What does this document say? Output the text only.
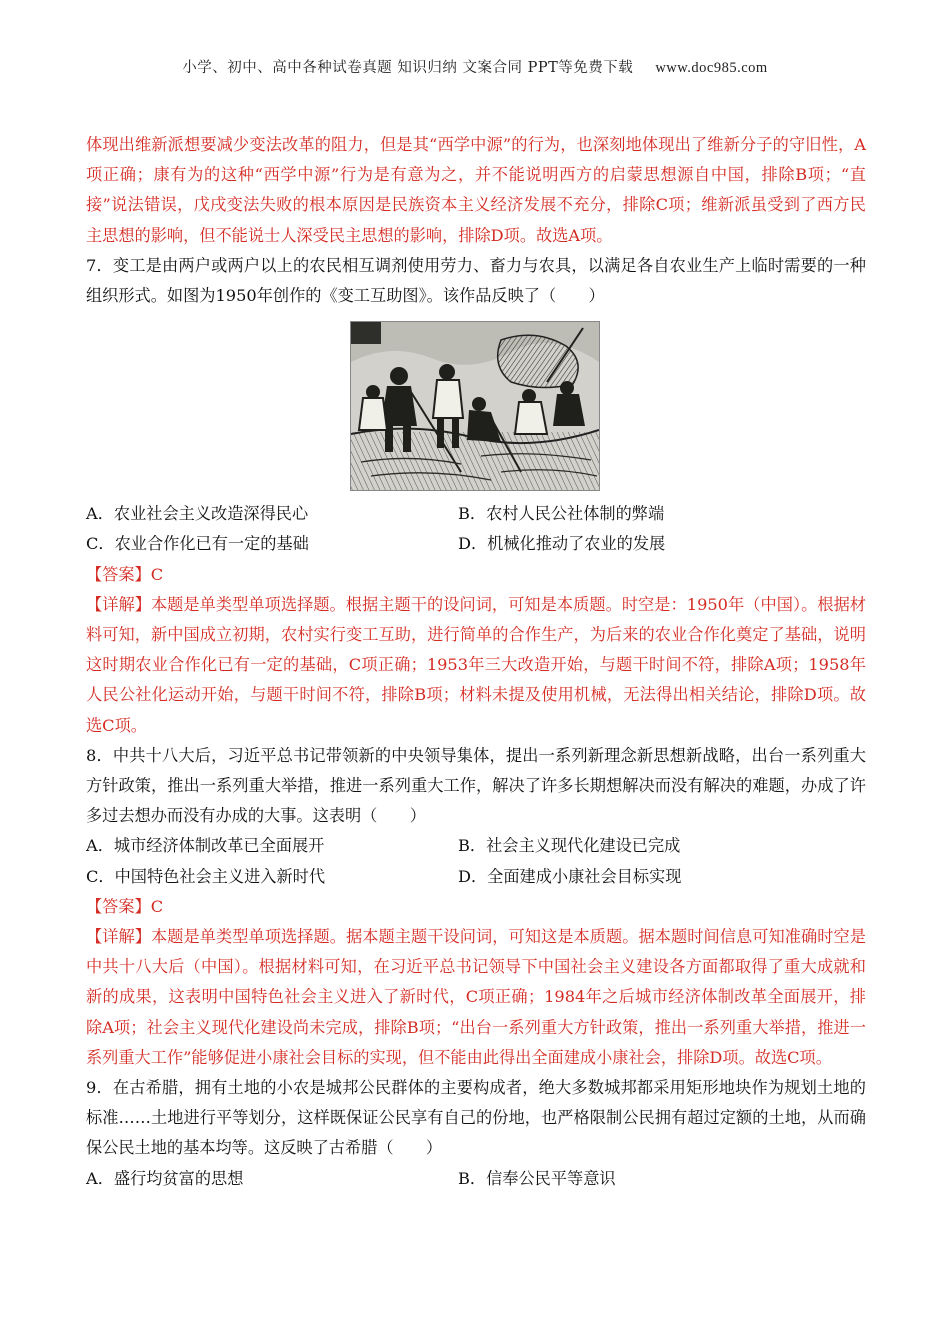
小学、初中、高中各种试卷真题 知识归纳 文案合同 PPT等免费下载 www.doc985.com

体现出维新派想要减少变法改革的阻力，但是其“西学中源”的行为，也深刻地体现出了维新分子的守旧性，A项正确；康有为的这种“西学中源”行为是有意为之，并不能说明西方的启蒙思想源自中国，排除B项；“直接”说法错误，戊戌变法失败的根本原因是民族资本主义经济发展不充分，排除C项；维新派虽受到了西方民主思想的影响，但不能说士人深受民主思想的影响，排除D项。故选A项。

7．变工是由两户或两户以上的农民相互调剂使用劳力、畜力与农具，以满足各自农业生产上临时需要的一种组织形式。如图为1950年创作的《变工互助图》。该作品反映了（　　）

A．农业社会主义改造深得民心	B．农村人民公社体制的弊端
C．农业合作化已有一定的基础	D．机械化推动了农业的发展

【答案】C

【详解】本题是单类型单项选择题。根据主题干的设问词，可知是本质题。时空是：1950年（中国）。根据材料可知，新中国成立初期，农村实行变工互助，进行简单的合作生产，为后来的农业合作化奠定了基础，说明这时期农业合作化已有一定的基础，C项正确；1953年三大改造开始，与题干时间不符，排除A项；1958年人民公社化运动开始，与题干时间不符，排除B项；材料未提及使用机械，无法得出相关结论，排除D项。故选C项。

8．中共十八大后，习近平总书记带领新的中央领导集体，提出一系列新理念新思想新战略，出台一系列重大方针政策，推出一系列重大举措，推进一系列重大工作，解决了许多长期想解决而没有解决的难题，办成了许多过去想办而没有办成的大事。这表明（　　）

A．城市经济体制改革已全面展开	B．社会主义现代化建设已完成
C．中国特色社会主义进入新时代	D．全面建成小康社会目标实现

【答案】C

【详解】本题是单类型单项选择题。据本题主题干设问词，可知这是本质题。据本题时间信息可知准确时空是中共十八大后（中国）。根据材料可知，在习近平总书记领导下中国社会主义建设各方面都取得了重大成就和新的成果，这表明中国特色社会主义进入了新时代，C项正确；1984年之后城市经济体制改革全面展开，排除A项；社会主义现代化建设尚未完成，排除B项；“出台一系列重大方针政策，推出一系列重大举措，推进一系列重大工作”能够促进小康社会目标的实现，但不能由此得出全面建成小康社会，排除D项。故选C项。

9．在古希腊，拥有土地的小农是城邦公民群体的主要构成者，绝大多数城邦都采用矩形地块作为规划土地的标准……土地进行平等划分，这样既保证公民享有自己的份地，也严格限制公民拥有超过定额的土地，从而确保公民土地的基本均等。这反映了古希腊（　　）

A．盛行均贫富的思想	B．信奉公民平等意识
